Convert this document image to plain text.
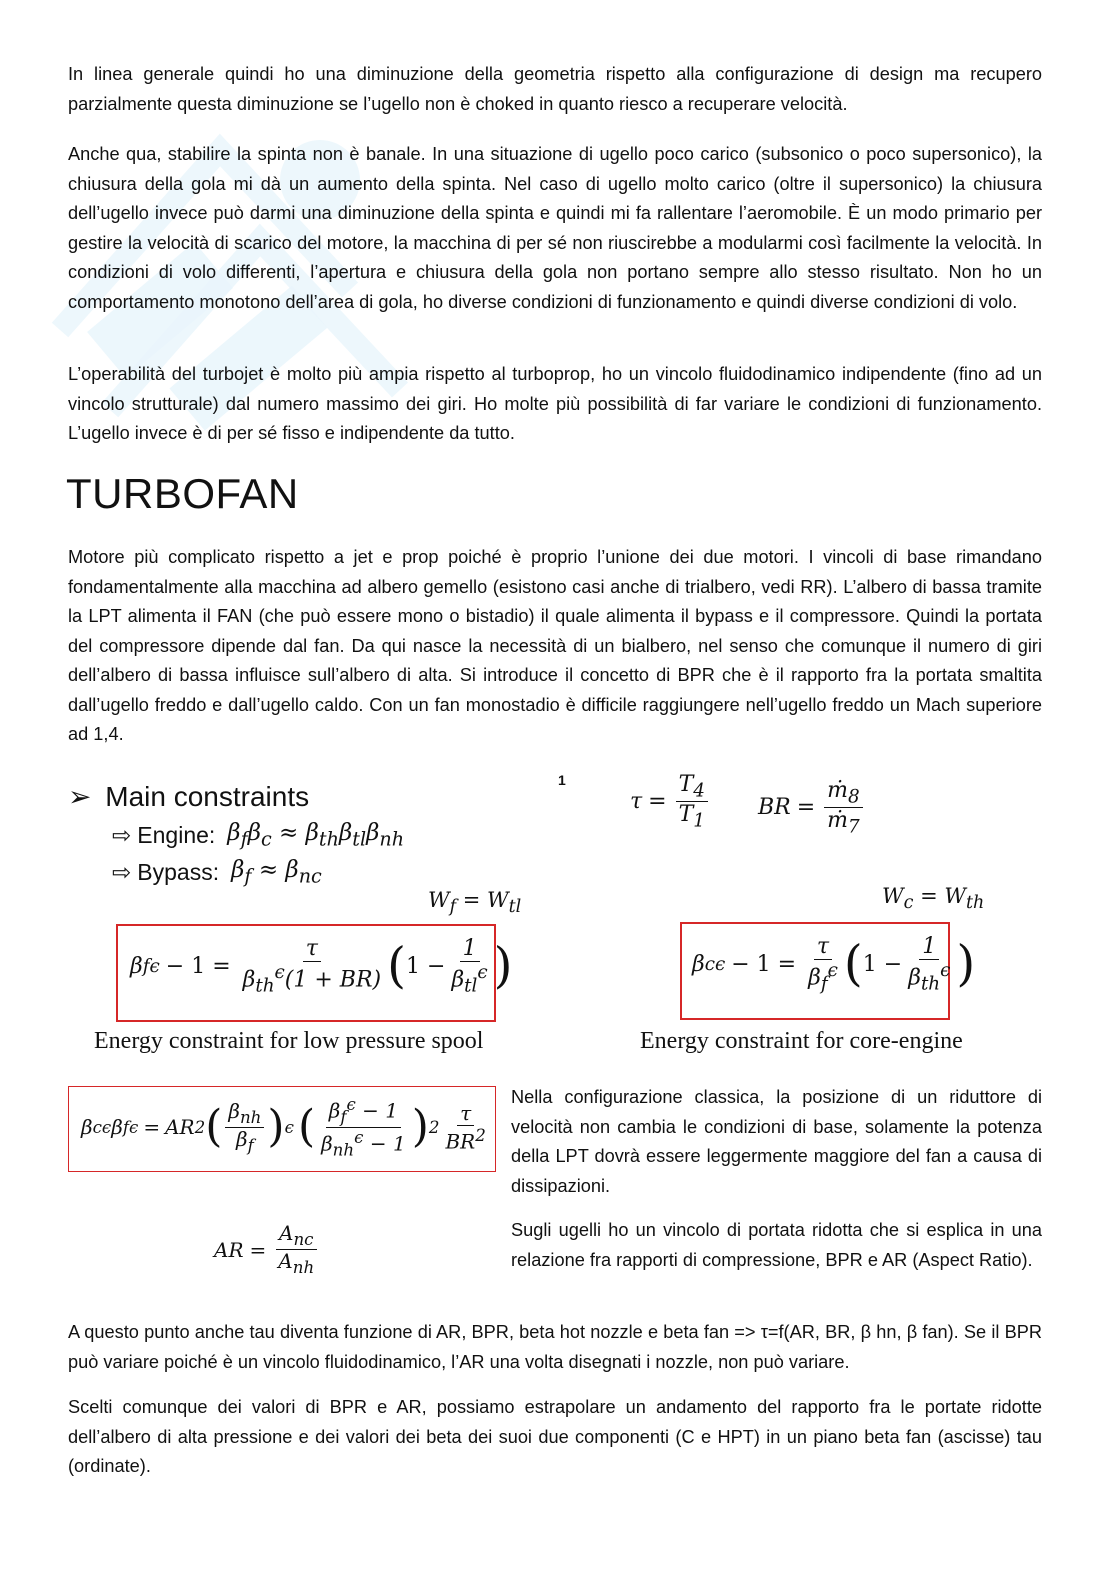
In linea generale quindi ho una diminuzione della geometria rispetto alla configurazione di design ma recupero parzialmente questa diminuzione se l’ugello non è choked in quanto riesco a recuperare velocità.

Anche qua, stabilire la spinta non è banale. In una situazione di ugello poco carico (subsonico o poco supersonico), la chiusura della gola mi dà un aumento della spinta. Nel caso di ugello molto carico (oltre il supersonico) la chiusura dell’ugello invece può darmi una diminuzione della spinta e quindi mi fa rallentare l’aeromobile. È un modo primario per gestire la velocità di scarico del motore, la macchina di per sé non riuscirebbe a modularmi così facilmente la velocità. In condizioni di volo differenti, l’apertura e chiusura della gola non portano sempre allo stesso risultato. Non ho un comportamento monotono dell’area di gola, ho diverse condizioni di funzionamento e quindi diverse condizioni di volo.

L’operabilità del turbojet è molto più ampia rispetto al turboprop, ho un vincolo fluidodinamico indipendente (fino ad un vincolo strutturale) dal numero massimo dei giri. Ho molte più possibilità di far variare le condizioni di funzionamento. L’ugello invece è di per sé fisso e indipendente da tutto.

TURBOFAN

Motore più complicato rispetto a jet e prop poiché è proprio l’unione dei due motori. I vincoli di base rimandano fondamentalmente alla macchina ad albero gemello (esistono casi anche di trialbero, vedi RR). L’albero di bassa tramite la LPT alimenta il FAN (che può essere mono o bistadio) il quale alimenta il bypass e il compressore. Quindi la portata del compressore dipende dal fan. Da qui nasce la necessità di un bialbero, nel senso che comunque il numero di giri dell’albero di bassa influisce sull’albero di alta. Si introduce il concetto di BPR che è il rapporto fra la portata smaltita dall’ugello freddo e dall’ugello caldo. Con un fan monostadio è difficile raggiungere nell’ugello freddo un Mach superiore ad 1,4.

➢ Main constraints
1
⇨ Engine: $\beta_f\beta_c \approx \beta_{th}\beta_{tl}\beta_{nh}$
⇨ Bypass: $\beta_f \approx \beta_{nc}$
$\tau = \frac{T_4}{T_1}$ BR = $\frac{ṁ_8}{ṁ_7}$
$W_f = W_{tl}$	$W_c = W_{th}$
β f $\epsilon - 1 = \frac{\tau}{\beta_{th}^\epsilon(1 + BR)}$ ( $1 - \frac{1}{\beta_{tl}^\epsilon}$ )	β c $\epsilon - 1 = \frac{\tau}{\beta_f^\epsilon}$ ( $1 - \frac{1}{\beta_{th}^\epsilon}$ )
Energy constraint for low pressure spool	Energy constraint for core-engine
β c ϵ β f ϵ = AR 2 ( $\frac{\beta_{nh}}{\beta_f}$ ) ϵ ( $\frac{\beta_f^\epsilon - 1}{\beta_{nh}^\epsilon - 1}$ ) $2 \frac{\tau}{BR^2}$
AR = $\frac{A_{nc}}{A_{nh}}$

Nella configurazione classica, la posizione di un riduttore di velocità non cambia le condizioni di base, solamente la potenza della LPT dovrà essere leggermente maggiore del fan a causa di dissipazioni.

Sugli ugelli ho un vincolo di portata ridotta che si esplica in una relazione fra rapporti di compressione, BPR e AR (Aspect Ratio).

A questo punto anche tau diventa funzione di AR, BPR, beta hot nozzle e beta fan => τ=f(AR, BR, β hn, β fan). Se il BPR può variare poiché è un vincolo fluidodinamico, l’AR una volta disegnati i nozzle, non può variare.

Scelti comunque dei valori di BPR e AR, possiamo estrapolare un andamento del rapporto fra le portate ridotte dell’albero di alta pressione e dei valori dei beta dei suoi due componenti (C e HPT) in un piano beta fan (ascisse) tau (ordinate).
